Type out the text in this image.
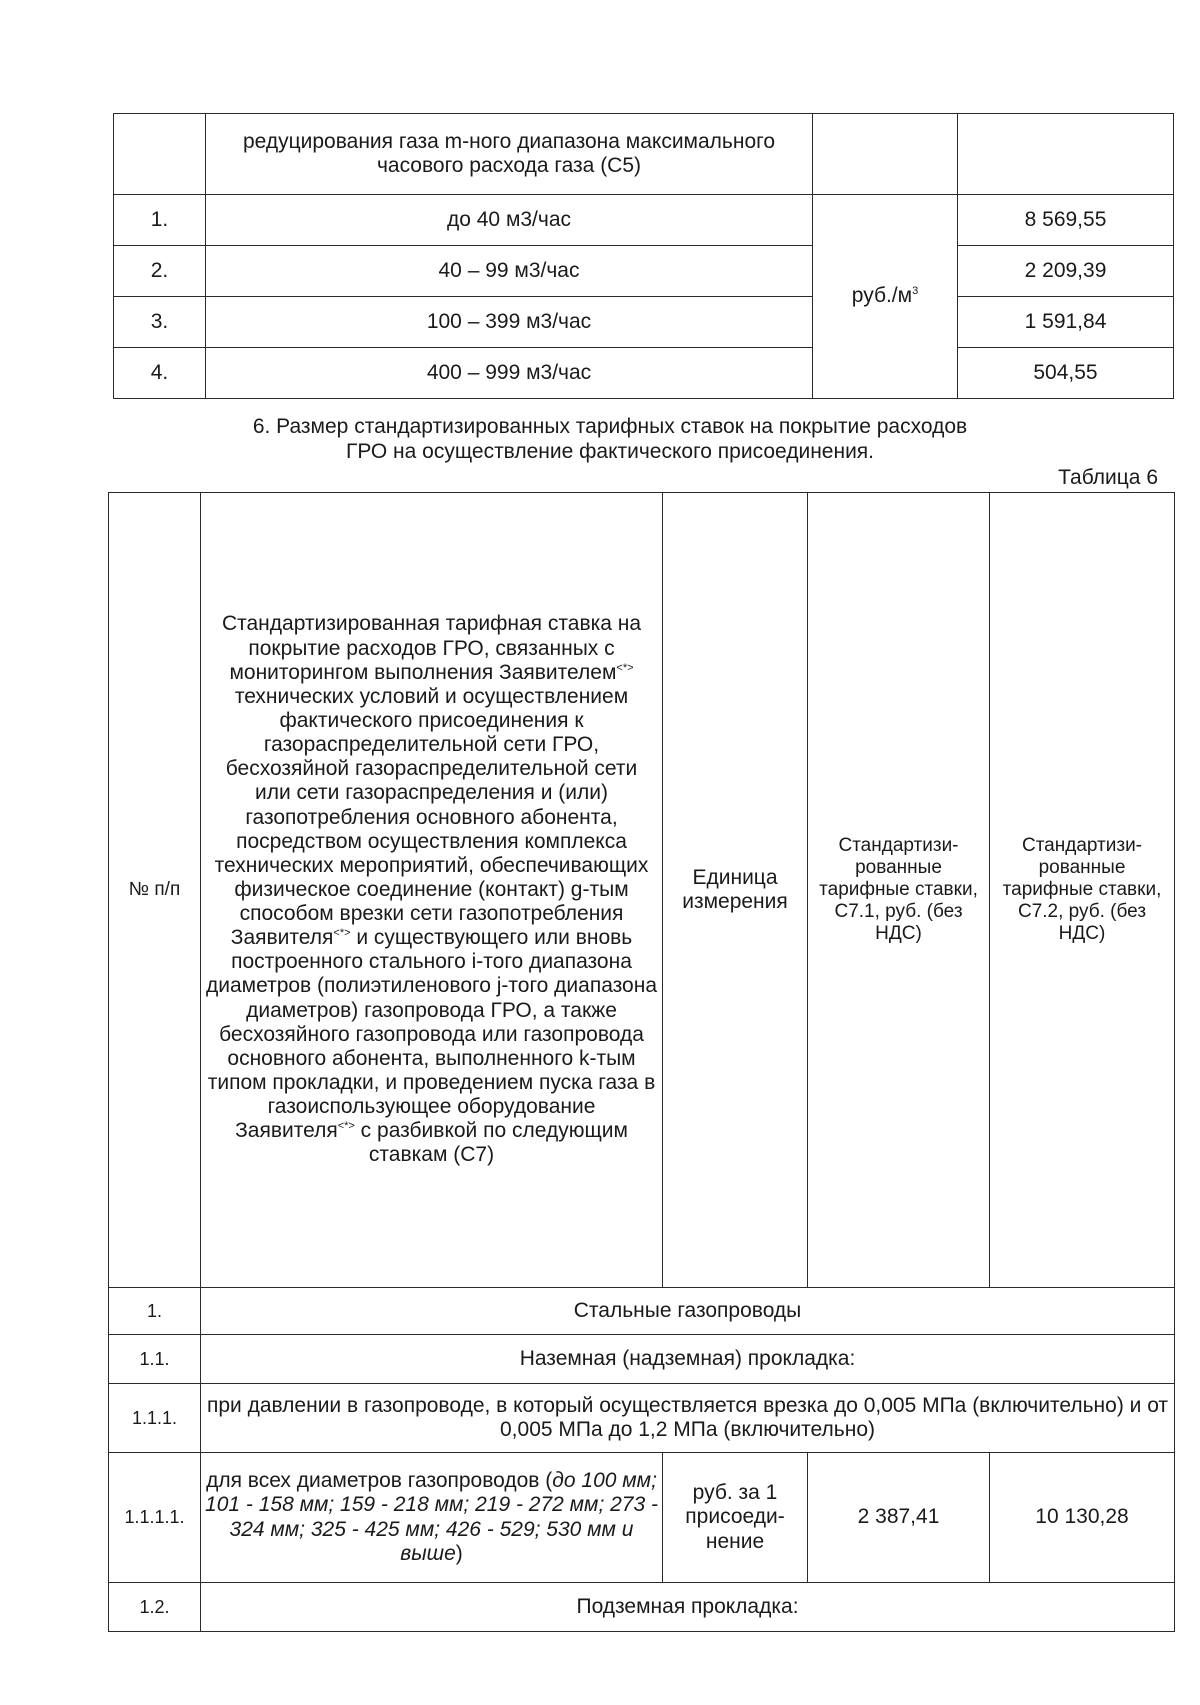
	редуцирования газа m-ного диапазона максимального часового расхода газа (С5)		
1.	до 40 м3/час	$руб./м^3$	8 569,55
2.	40 – 99 м3/час		2 209,39
3.	100 – 399 м3/час		1 591,84
4.	400 – 999 м3/час		504,55
6. Размер стандартизированных тарифных ставок на покрытие расходов
ГРО на осуществление фактического присоединения.
Таблица 6
№ п/п	Стандартизированная тарифная ставка на покрытие расходов ГРО, связанных с мониторингом выполнения Заявителем<*> технических условий и осуществлением фактического присоединения к газораспределительной сети ГРО, бесхозяйной газораспределительной сети или сети газораспределения и (или) газопотребления основного абонента, посредством осуществления комплекса технических мероприятий, обеспечивающих физическое соединение (контакт) g-тым способом врезки сети газопотребления Заявителя<*> и существующего или вновь построенного стального i-того диапазона диаметров (полиэтиленового j-того диапазона диаметров) газопровода ГРО, а также бесхозяйного газопровода или газопровода основного абонента, выполненного k-тым типом прокладки, и проведением пуска газа в газоиспользующее оборудование Заявителя<*> с разбивкой по следующим ставкам (С7)	Единица измерения	Стандартизи-рованные тарифные ставки, С7.1, руб. (без НДС)	Стандартизи-рованные тарифные ставки, С7.2, руб. (без НДС)
1.	Стальные газопроводы			
1.1.	Наземная (надземная) прокладка:			
1.1.1.	при давлении в газопроводе, в который осуществляется врезка до 0,005 МПа (включительно) и от 0,005 МПа до 1,2 МПа (включительно)			
1.1.1.1.	для всех диаметров газопроводов (до 100 мм; 101 - 158 мм; 159 - 218 мм; 219 - 272 мм; 273 - 324 мм; 325 - 425 мм; 426 - 529; 530 мм и выше)	руб. за 1 присоеди-нение	2 387,41	10 130,28
1.2.	Подземная прокладка:			
